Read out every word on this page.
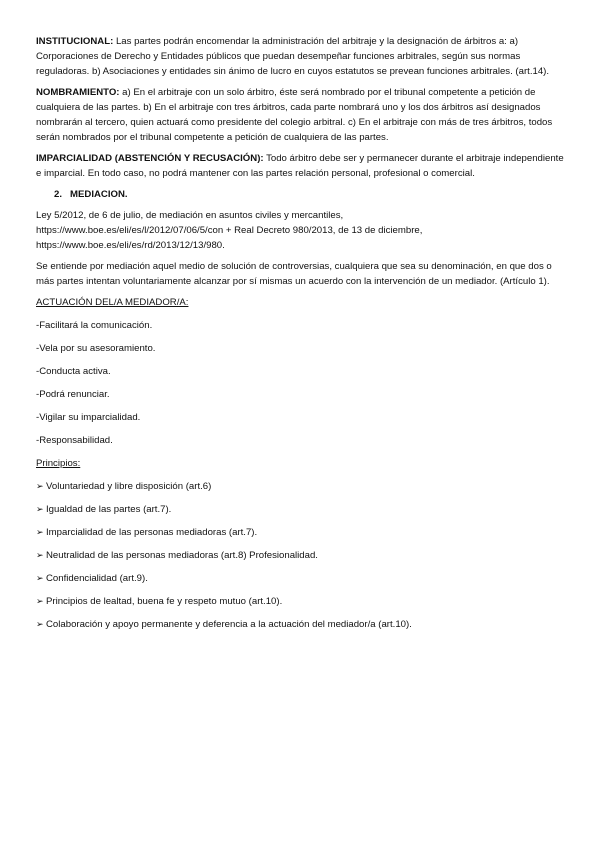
INSTITUCIONAL: Las partes podrán encomendar la administración del arbitraje y la designación de árbitros a: a) Corporaciones de Derecho y Entidades públicos que puedan desempeñar funciones arbitrales, según sus normas reguladoras. b) Asociaciones y entidades sin ánimo de lucro en cuyos estatutos se prevean funciones arbitrales. (art.14).

NOMBRAMIENTO: a) En el arbitraje con un solo árbitro, éste será nombrado por el tribunal competente a petición de cualquiera de las partes. b) En el arbitraje con tres árbitros, cada parte nombrará uno y los dos árbitros así designados nombrarán al tercero, quien actuará como presidente del colegio arbitral. c) En el arbitraje con más de tres árbitros, todos serán nombrados por el tribunal competente a petición de cualquiera de las partes.

IMPARCIALIDAD (ABSTENCIÓN Y RECUSACIÓN): Todo árbitro debe ser y permanecer durante el arbitraje independiente e imparcial. En todo caso, no podrá mantener con las partes relación personal, profesional o comercial.

2. MEDIACION.
Ley 5/2012, de 6 de julio, de mediación en asuntos civiles y mercantiles,
https://www.boe.es/eli/es/l/2012/07/06/5/con + Real Decreto 980/2013, de 13 de diciembre,
https://www.boe.es/eli/es/rd/2013/12/13/980.

Se entiende por mediación aquel medio de solución de controversias, cualquiera que sea su denominación, en que dos o más partes intentan voluntariamente alcanzar por sí mismas un acuerdo con la intervención de un mediador. (Artículo 1).

ACTUACIÓN DEL/A MEDIADOR/A:
-Facilitará la comunicación.
-Vela por su asesoramiento.
-Conducta activa.
-Podrá renunciar.
-Vigilar su imparcialidad.
-Responsabilidad.
Principios:
➢ Voluntariedad y libre disposición (art.6)
➢ Igualdad de las partes (art.7).
➢ Imparcialidad de las personas mediadoras (art.7).
➢ Neutralidad de las personas mediadoras (art.8) Profesionalidad.
➢ Confidencialidad (art.9).
➢ Principios de lealtad, buena fe y respeto mutuo (art.10).
➢ Colaboración y apoyo permanente y deferencia a la actuación del mediador/a (art.10).
